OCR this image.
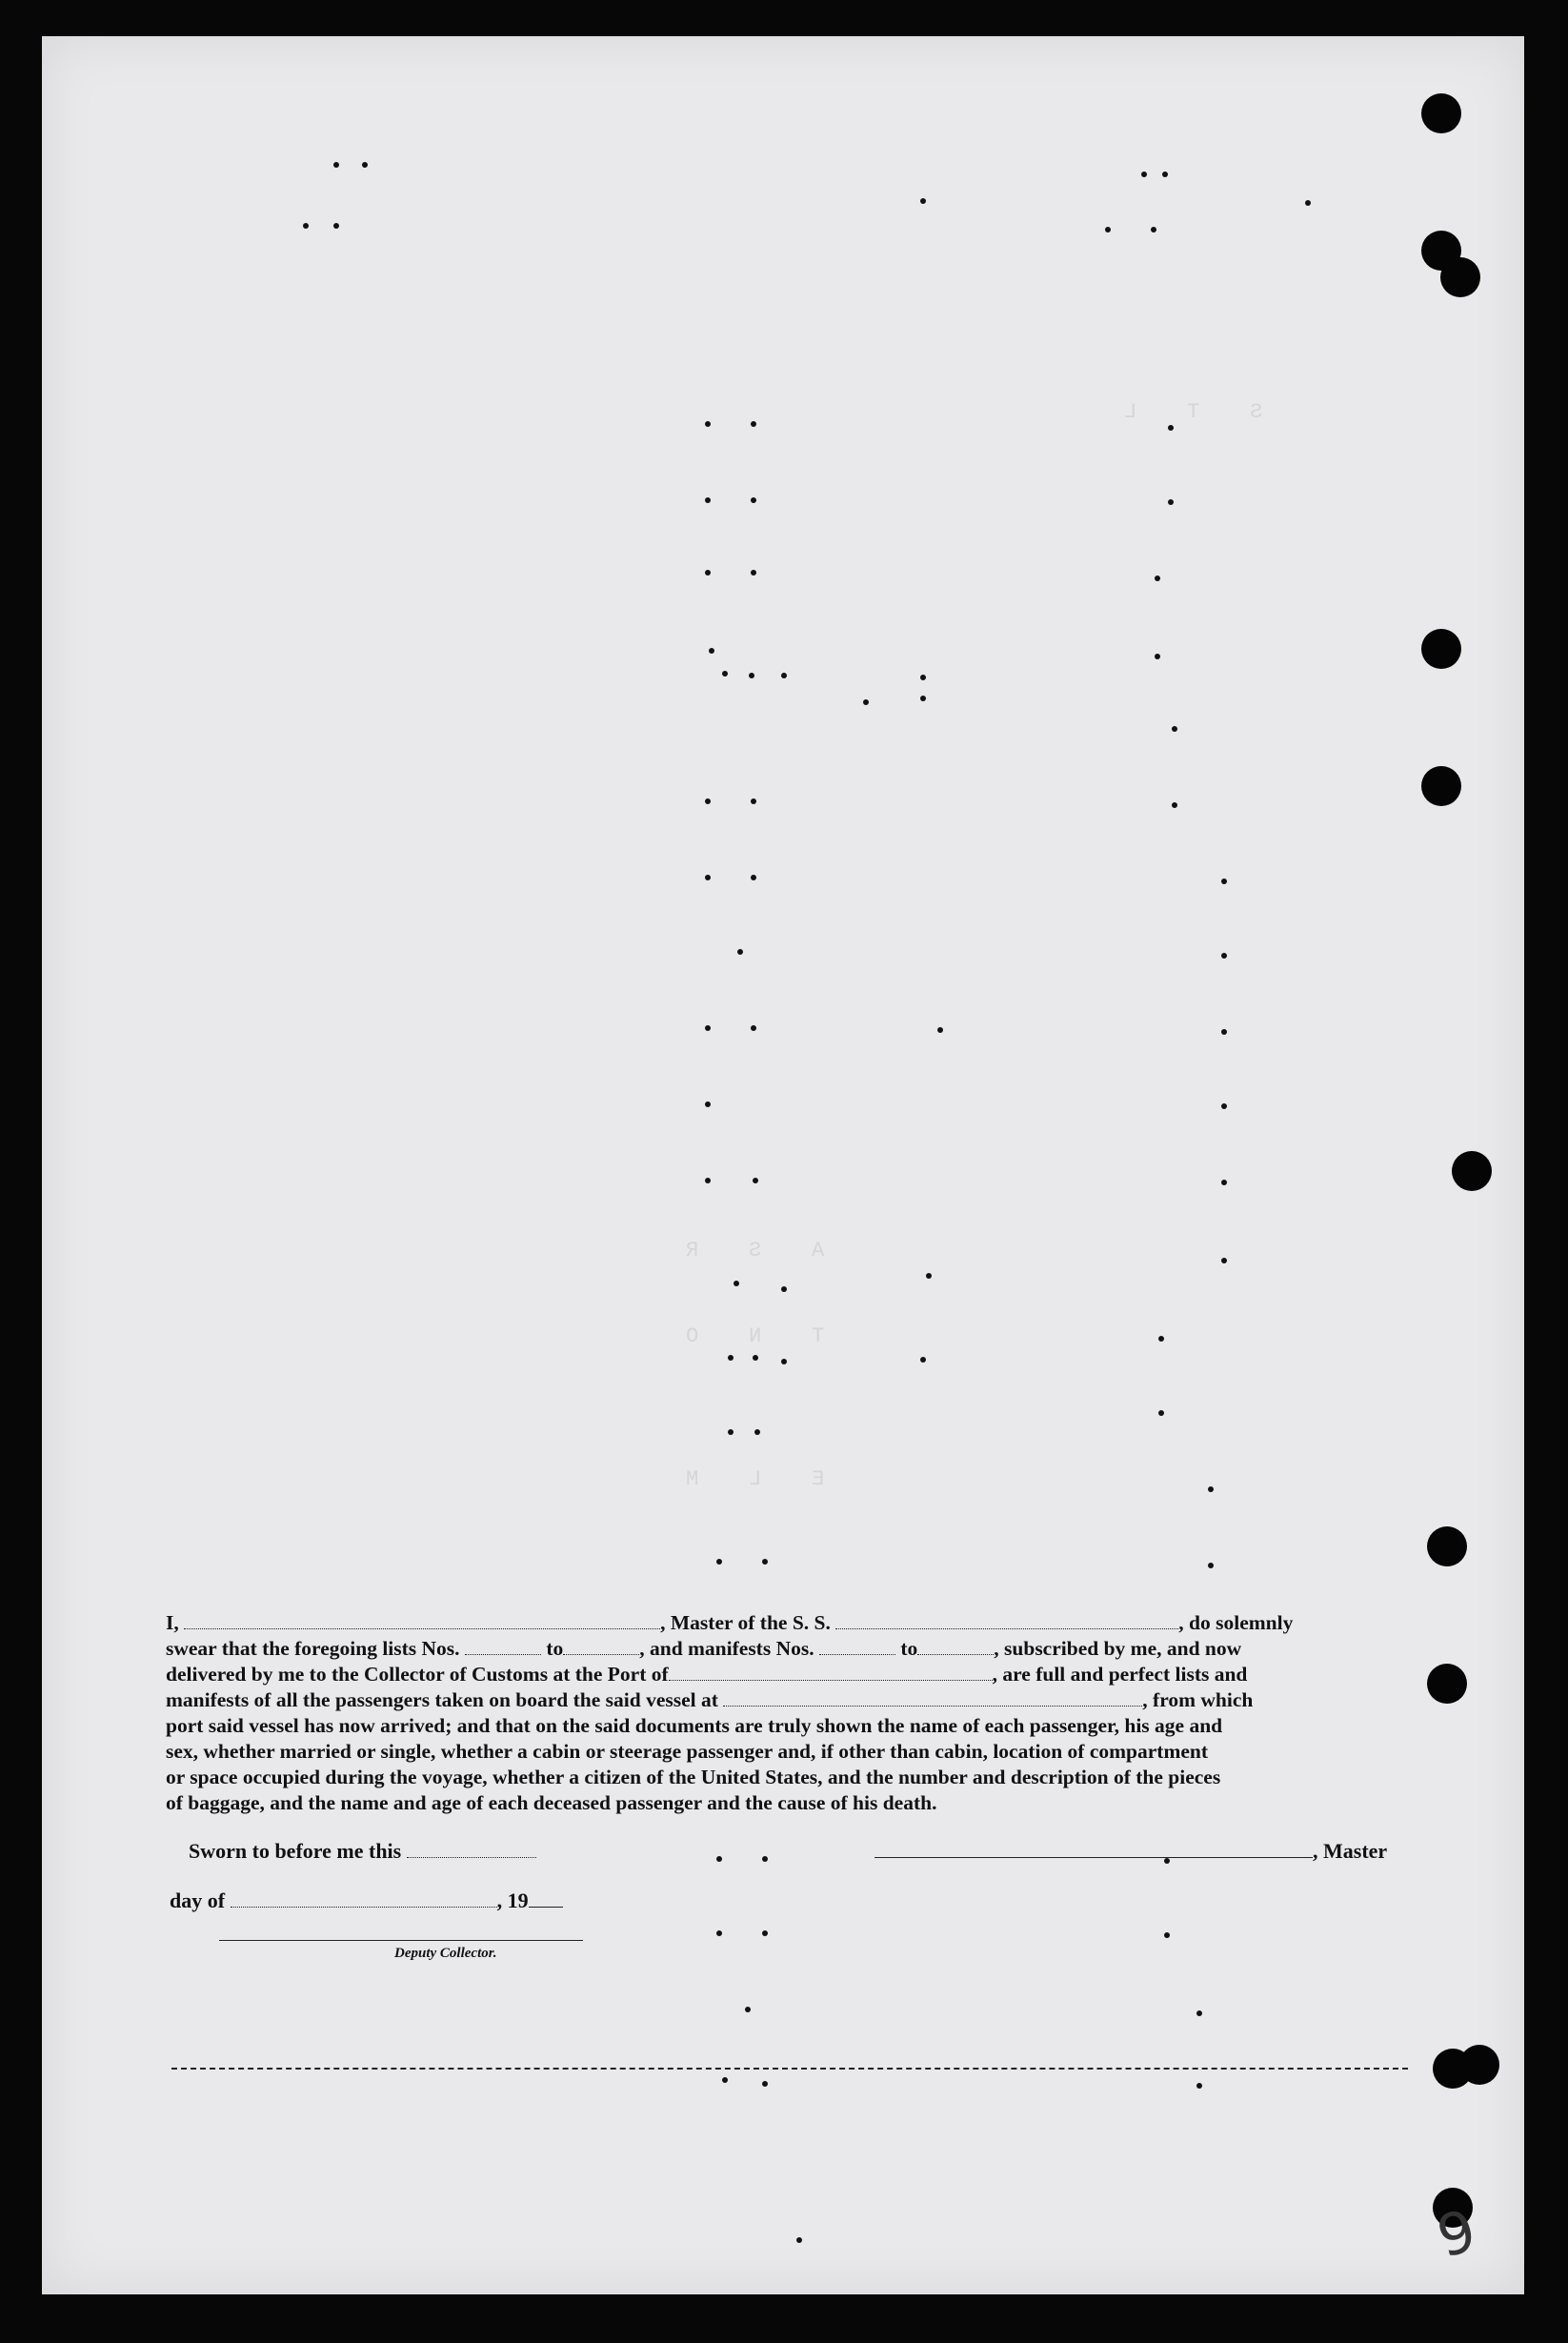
S    T    L
A    S    R
T    N    O
E    L    M
I,	, Master of the S. S.	, do solemnly
swear that the foregoing lists Nos.	to	, and manifests Nos.	to	, subscribed by me, and now
delivered by me to the Collector of Customs at the Port of	, are full and perfect lists and
manifests of all the passengers taken on board the said vessel at	, from which
port said vessel has now arrived; and that on the said documents are truly shown the name of each passenger, his age and
sex, whether married or single, whether a cabin or steerage passenger and, if other than cabin, location of compartment
or space occupied during the voyage, whether a citizen of the United States, and the number and description of the pieces
of baggage, and the name and age of each deceased passenger and the cause of his death.
Sworn to before me this	, Master
day of	, 19
Deputy Collector.
9
